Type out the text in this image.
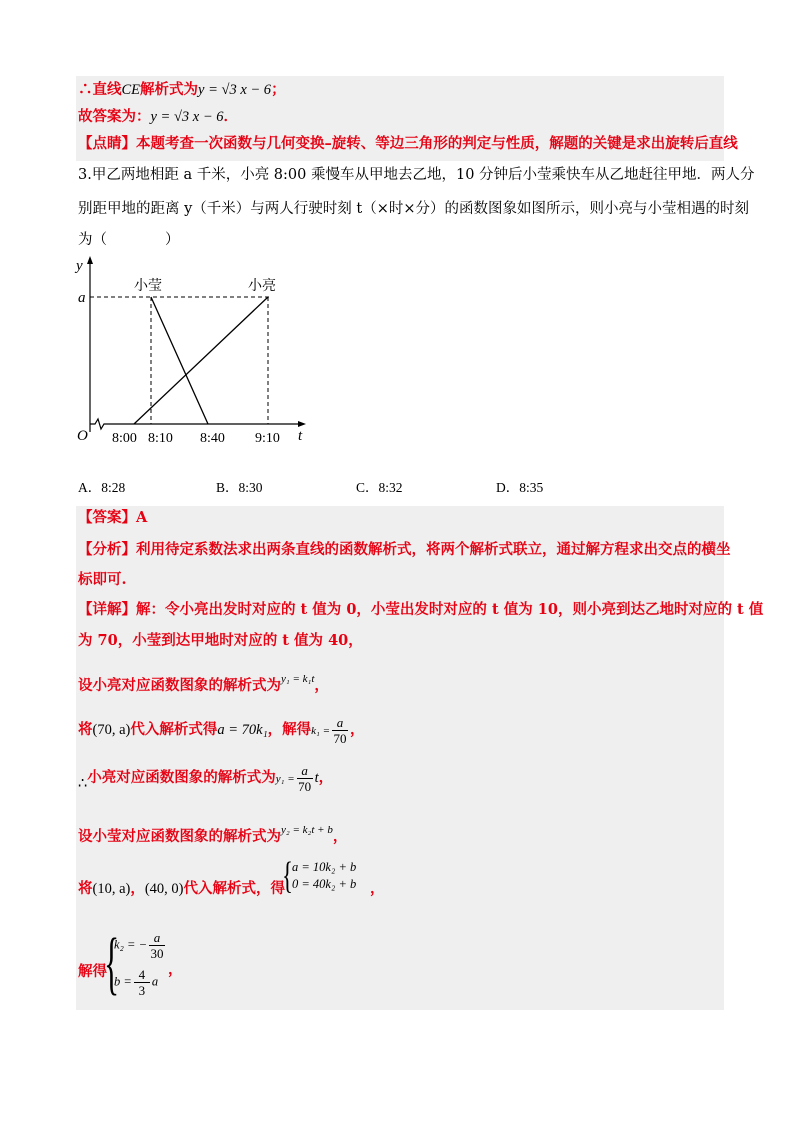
∴直线CE解析式为y = √3 x − 6；
故答案为：y = √3 x − 6．
【点睛】本题考查一次函数与几何变换–旋转、等边三角形的判定与性质，解题的关键是求出旋转后直线
3.甲乙两地相距 a 千米，小亮 8:00 乘慢车从甲地去乙地，10 分钟后小莹乘快车从乙地赶往甲地．两人分
别距甲地的距离 y（千米）与两人行驶时刻 t（×时×分）的函数图象如图所示，则小亮与小莹相遇的时刻
为（　　　　）
y
a
O	t
小莹	小亮
8:00 8:10 8:40 9:10
A．8:28	B．8:30	C．8:32	D．8:35
【答案】A
【分析】利用待定系数法求出两条直线的函数解析式，将两个解析式联立，通过解方程求出交点的横坐
标即可.
【详解】解：令小亮出发时对应的 t 值为 0，小莹出发时对应的 t 值为 10，则小亮到达乙地时对应的 t 值
为 70，小莹到达甲地时对应的 t 值为 40，
设小亮对应函数图象的解析式为$^{y_1 = k_1t}$，
将(70, a)代入解析式得a = 70k₁，解得$k_1 = \frac{a}{70}$ ，
∴小亮对应函数图象的解析式为$y_1 = \frac{a}{70}$ t，
设小莹对应函数图象的解析式为$^{y_2 = k_2t + b}$，
将(10, a)，(40, 0)代入解析式，得
{ a = 10k₂ + b
0 = 40k₂ + b ，
解得
{
k₂ = − $\frac{a}{30}$
，
$b = \frac{4}{3}$ a
